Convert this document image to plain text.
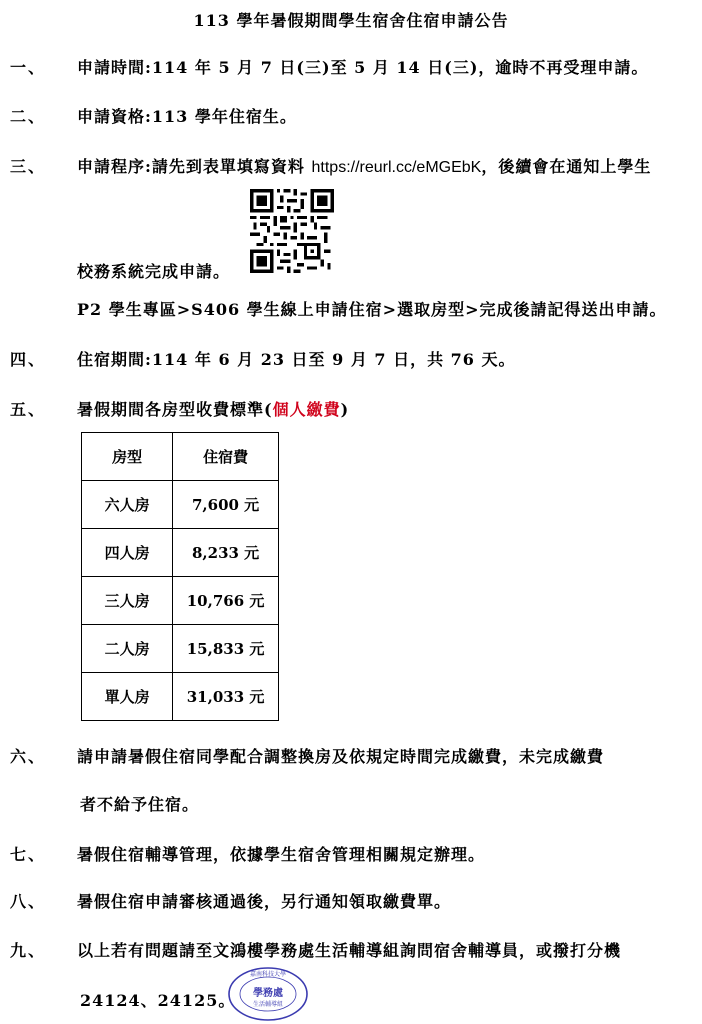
113 學年暑假期間學生宿舍住宿申請公告
一、 申請時間:114 年 5 月 7 日(三)至 5 月 14 日(三)，逾時不再受理申請。
二、 申請資格:113 學年住宿生。
三、 申請程序:請先到表單填寫資料 https://reurl.cc/eMGEbK，後續會在通知上學生
校務系統完成申請。
P2 學生專區>S406 學生線上申請住宿>選取房型>完成後請記得送出申請。
四、 住宿期間:114 年 6 月 23 日至 9 月 7 日，共 76 天。
五、 暑假期間各房型收費標準(個人繳費)
房型	住宿費
六人房	7,600 元
四人房	8,233 元
三人房	10,766 元
二人房	15,833 元
單人房	31,033 元
六、 請申請暑假住宿同學配合調整換房及依規定時間完成繳費，未完成繳費
者不給予住宿。
七、 暑假住宿輔導管理，依據學生宿舍管理相關規定辦理。
八、 暑假住宿申請審核通過後，另行通知領取繳費單。
九、 以上若有問題請至文鴻樓學務處生活輔導組詢問宿舍輔導員，或撥打分機
24124、24125。
嘉南科技大學
學務處
生活輔導組
